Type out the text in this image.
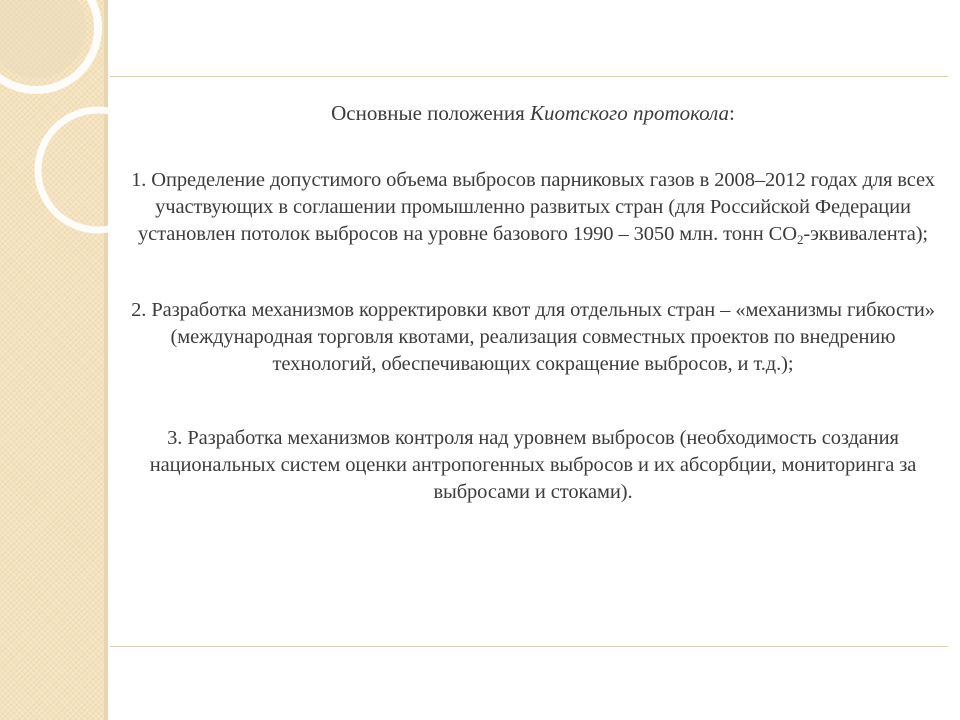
Основные положения Киотского протокола:
1. Определение допустимого объема выбросов парниковых газов в 2008–2012 годах для всех участвующих в соглашении промышленно развитых стран (для Российской Федерации установлен потолок выбросов на уровне базового 1990 – 3050 млн. тонн $СО_2-эквивалента$);
2. Разработка механизмов корректировки квот для отдельных стран – «механизмы гибкости» (международная торговля квотами, реализация совместных проектов по внедрению технологий, обеспечивающих сокращение выбросов, и т.д.);
3. Разработка механизмов контроля над уровнем выбросов (необходимость создания национальных систем оценки антропогенных выбросов и их абсорбции, мониторинга за выбросами и стоками).
